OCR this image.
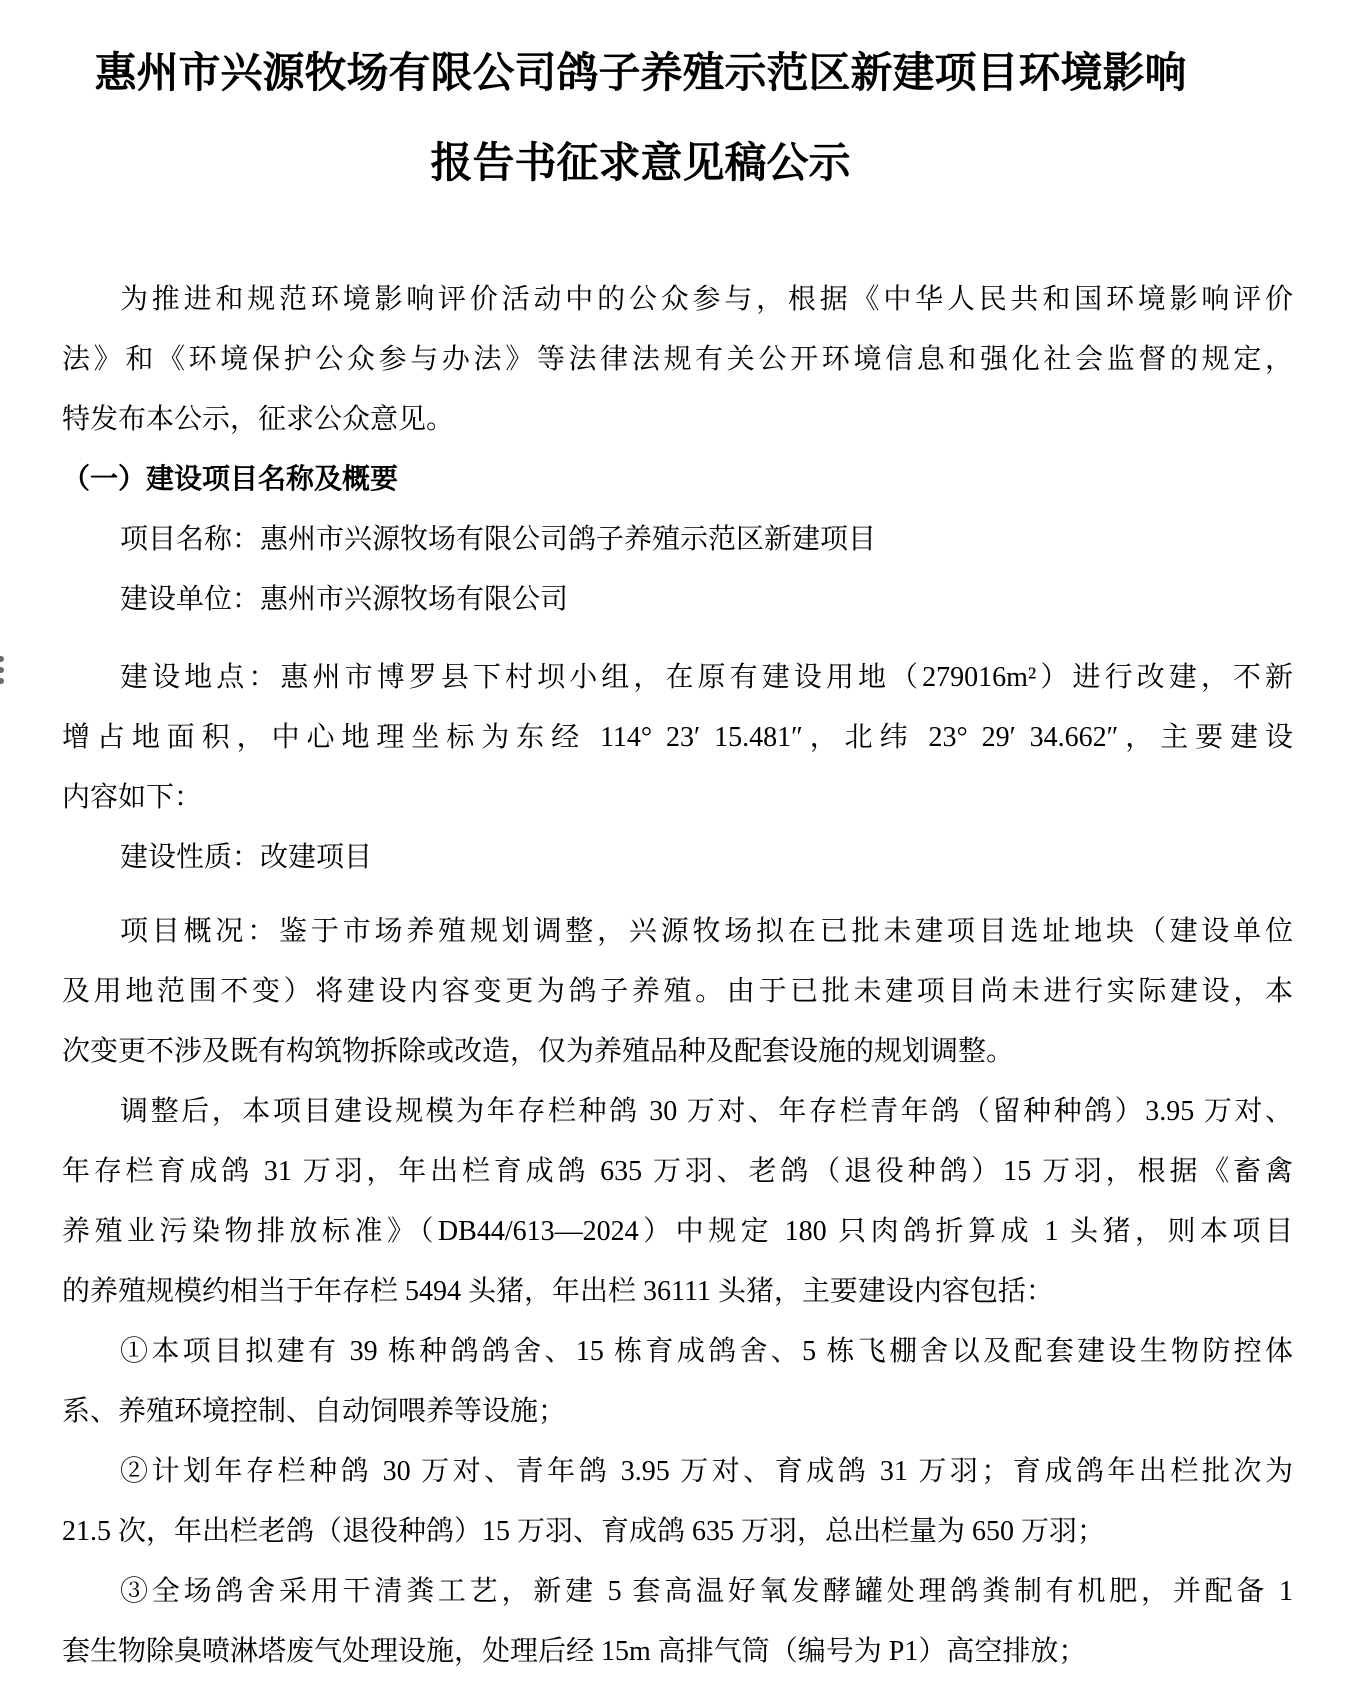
惠州市兴源牧场有限公司鸽子养殖示范区新建项目环境影响
报告书征求意见稿公示
为推进和规范环境影响评价活动中的公众参与，根据《中华人民共和国环境影响评价
法》和《环境保护公众参与办法》等法律法规有关公开环境信息和强化社会监督的规定，
特发布本公示，征求公众意见。
（一）建设项目名称及概要
项目名称：惠州市兴源牧场有限公司鸽子养殖示范区新建项目
建设单位：惠州市兴源牧场有限公司
建设地点：惠州市博罗县下村坝小组，在原有建设用地（279016m²）进行改建，不新
增占地面积，中心地理坐标为东经 114° 23′ 15.481″，北纬 23° 29′ 34.662″，主要建设
内容如下：
建设性质：改建项目
项目概况：鉴于市场养殖规划调整，兴源牧场拟在已批未建项目选址地块（建设单位
及用地范围不变）将建设内容变更为鸽子养殖。由于已批未建项目尚未进行实际建设，本
次变更不涉及既有构筑物拆除或改造，仅为养殖品种及配套设施的规划调整。
调整后，本项目建设规模为年存栏种鸽 30 万对、年存栏青年鸽（留种种鸽）3.95 万对、
年存栏育成鸽 31 万羽，年出栏育成鸽 635 万羽、老鸽（退役种鸽）15 万羽，根据《畜禽
养殖业污染物排放标准》（DB44/613—2024）中规定 180 只肉鸽折算成 1 头猪，则本项目
的养殖规模约相当于年存栏 5494 头猪，年出栏 36111 头猪，主要建设内容包括：
①本项目拟建有 39 栋种鸽鸽舍、15 栋育成鸽舍、5 栋飞棚舍以及配套建设生物防控体
系、养殖环境控制、自动饲喂养等设施；
②计划年存栏种鸽 30 万对、青年鸽 3.95 万对、育成鸽 31 万羽；育成鸽年出栏批次为
21.5 次，年出栏老鸽（退役种鸽）15 万羽、育成鸽 635 万羽，总出栏量为 650 万羽；
③全场鸽舍采用干清粪工艺，新建 5 套高温好氧发酵罐处理鸽粪制有机肥，并配备 1
套生物除臭喷淋塔废气处理设施，处理后经 15m 高排气筒（编号为 P1）高空排放；
